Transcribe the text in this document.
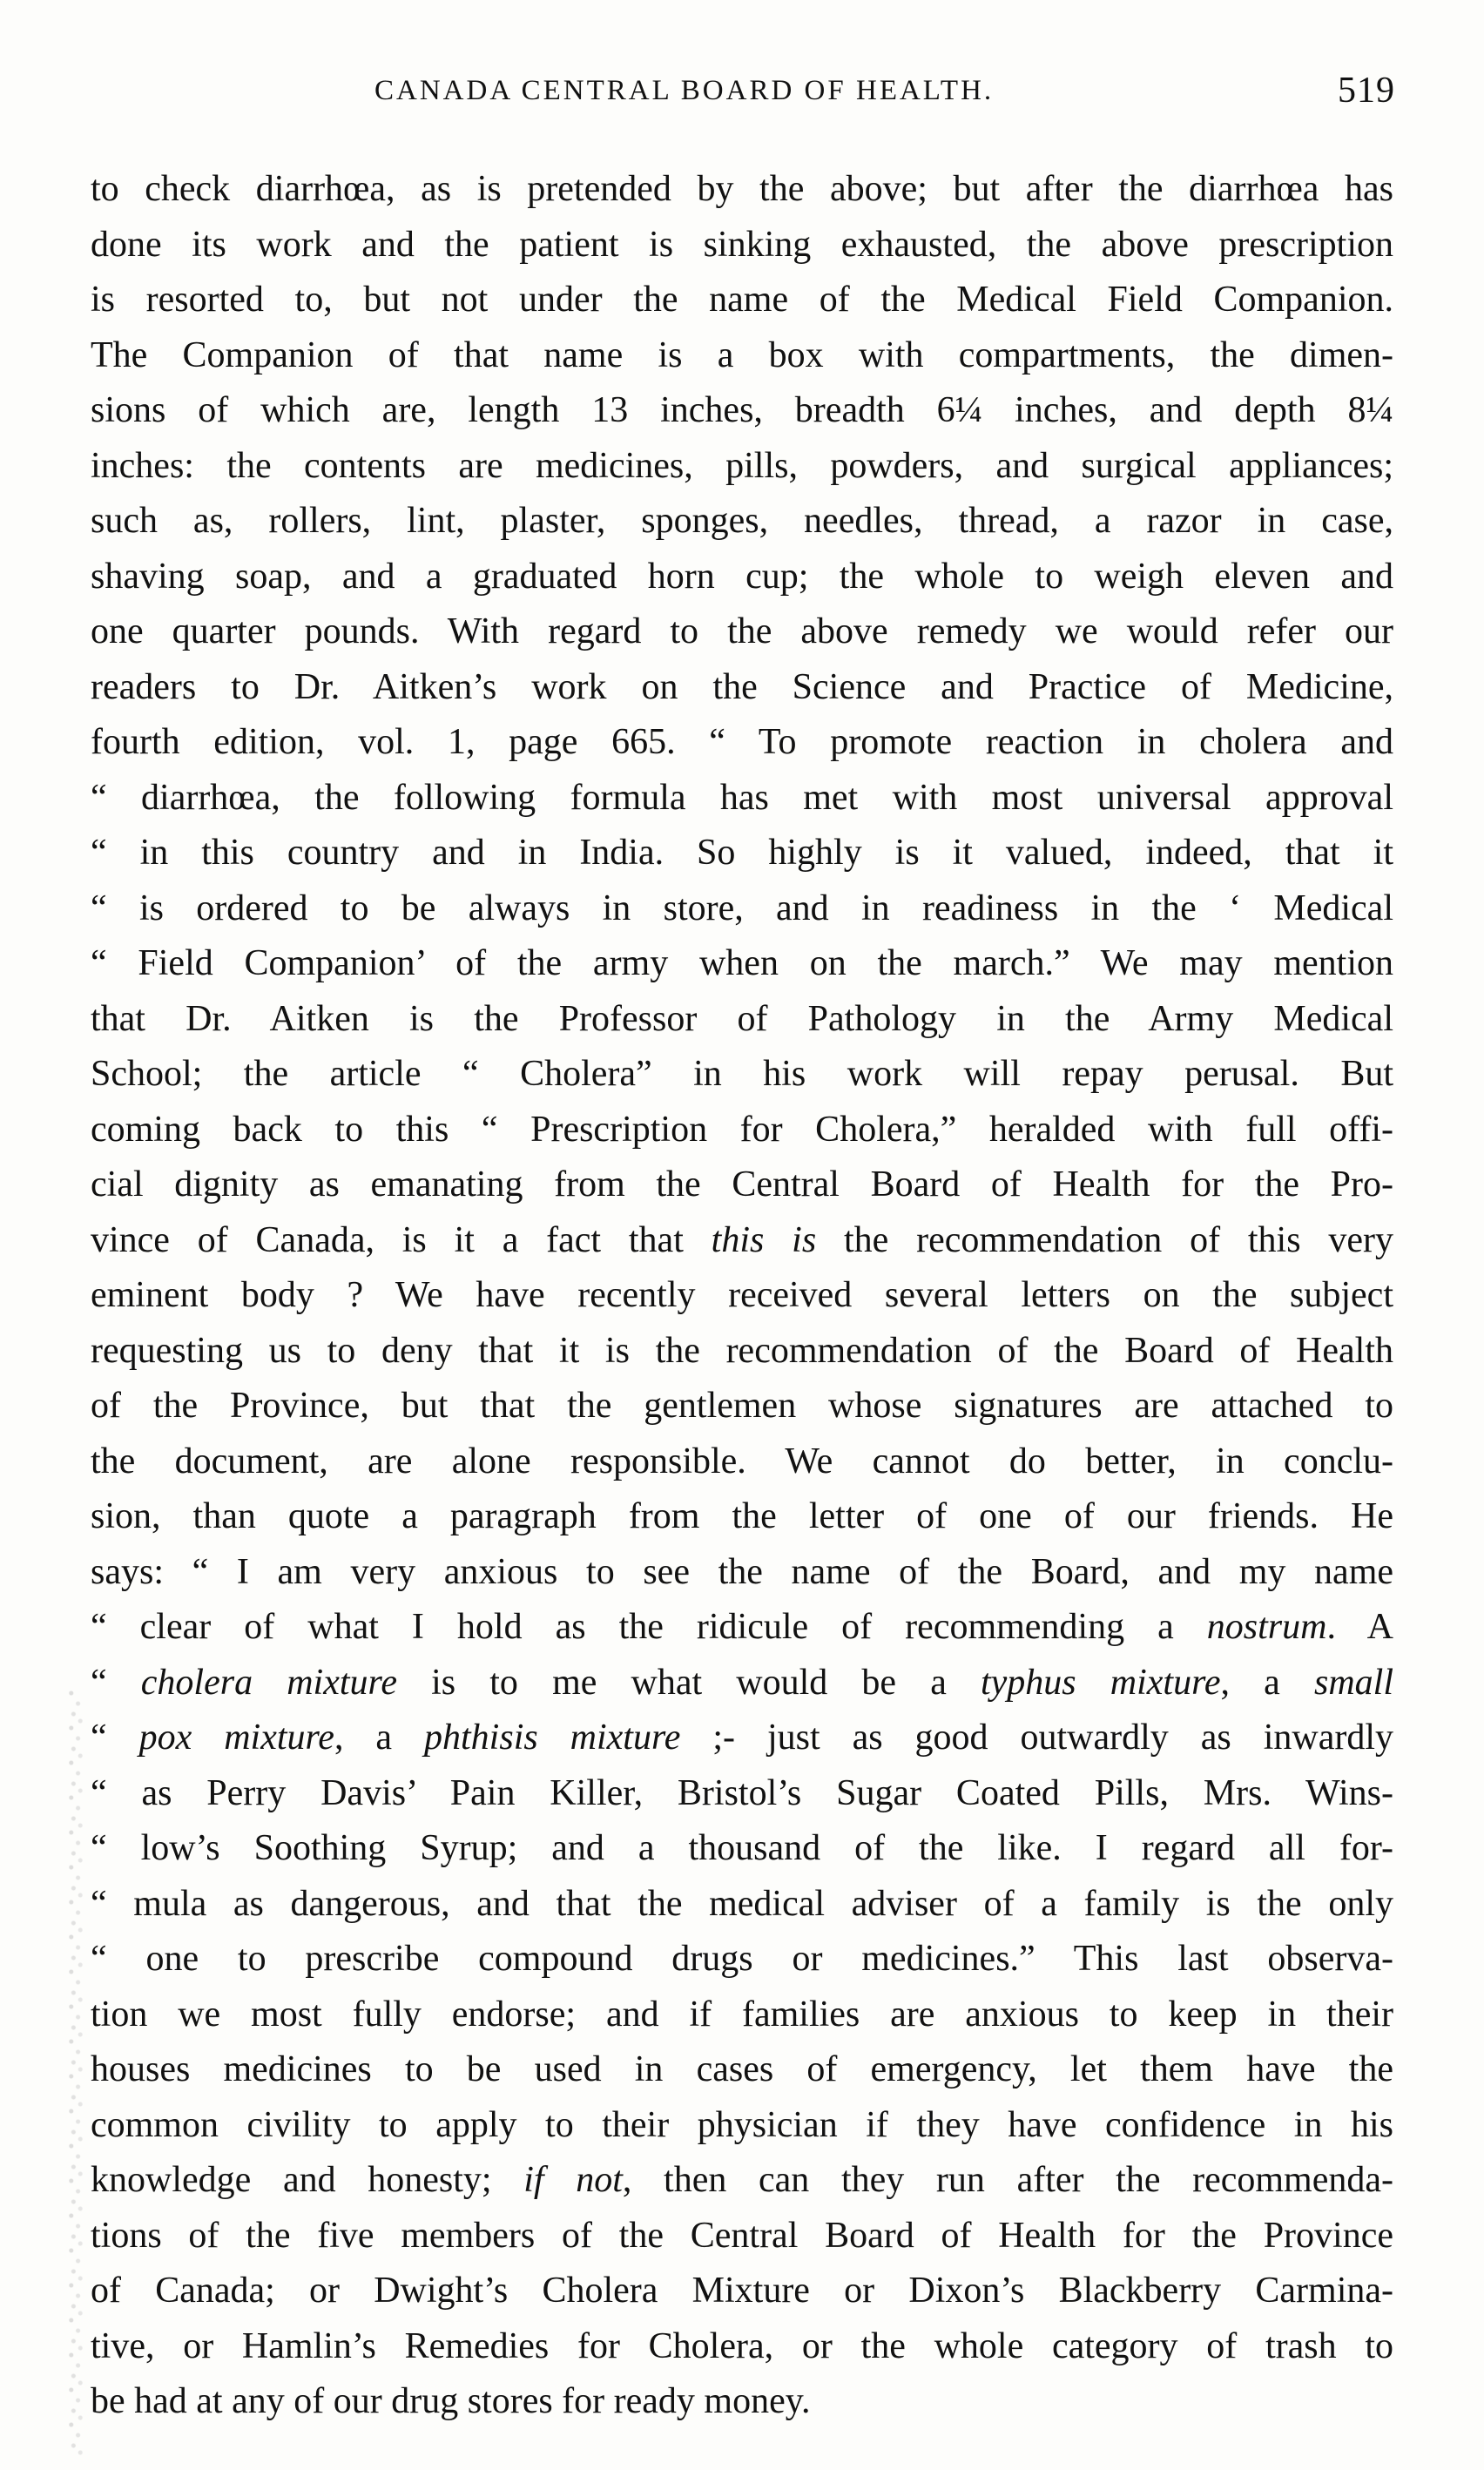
CANADA CENTRAL BOARD OF HEALTH.	519
to check diarrhœa, as is pretended by the above; but after the diarrhœa has
done its work and the patient is sinking exhausted, the above prescription
is resorted to, but not under the name of the Medical Field Companion.
The Companion of that name is a box with compartments, the dimen-
sions of which are, length 13 inches, breadth 6¼ inches, and depth 8¼
inches: the contents are medicines, pills, powders, and surgical appliances;
such as, rollers, lint, plaster, sponges, needles, thread, a razor in case,
shaving soap, and a graduated horn cup; the whole to weigh eleven and
one quarter pounds. With regard to the above remedy we would refer our
readers to Dr. Aitken’s work on the Science and Practice of Medicine,
fourth edition, vol. 1, page 665. “ To promote reaction in cholera and
“ diarrhœa, the following formula has met with most universal approval
“ in this country and in India. So highly is it valued, indeed, that it
“ is ordered to be always in store, and in readiness in the ‘ Medical
“ Field Companion’ of the army when on the march.” We may mention
that Dr. Aitken is the Professor of Pathology in the Army Medical
School; the article “ Cholera” in his work will repay perusal. But
coming back to this “ Prescription for Cholera,” heralded with full offi-
cial dignity as emanating from the Central Board of Health for the Pro-
vince of Canada, is it a fact that this is the recommendation of this very
eminent body ? We have recently received several letters on the subject
requesting us to deny that it is the recommendation of the Board of Health
of the Province, but that the gentlemen whose signatures are attached to
the document, are alone responsible. We cannot do better, in conclu-
sion, than quote a paragraph from the letter of one of our friends. He
says: “ I am very anxious to see the name of the Board, and my name
“ clear of what I hold as the ridicule of recommending a nostrum. A
“ cholera mixture is to me what would be a typhus mixture, a small
“ pox mixture, a phthisis mixture ;- just as good outwardly as inwardly
“ as Perry Davis’ Pain Killer, Bristol’s Sugar Coated Pills, Mrs. Wins-
“ low’s Soothing Syrup; and a thousand of the like. I regard all for-
“ mula as dangerous, and that the medical adviser of a family is the only
“ one to prescribe compound drugs or medicines.” This last observa-
tion we most fully endorse; and if families are anxious to keep in their
houses medicines to be used in cases of emergency, let them have the
common civility to apply to their physician if they have confidence in his
knowledge and honesty; if not, then can they run after the recommenda-
tions of the five members of the Central Board of Health for the Province
of Canada; or Dwight’s Cholera Mixture or Dixon’s Blackberry Carmina-
tive, or Hamlin’s Remedies for Cholera, or the whole category of trash to
be had at any of our drug stores for ready money.
